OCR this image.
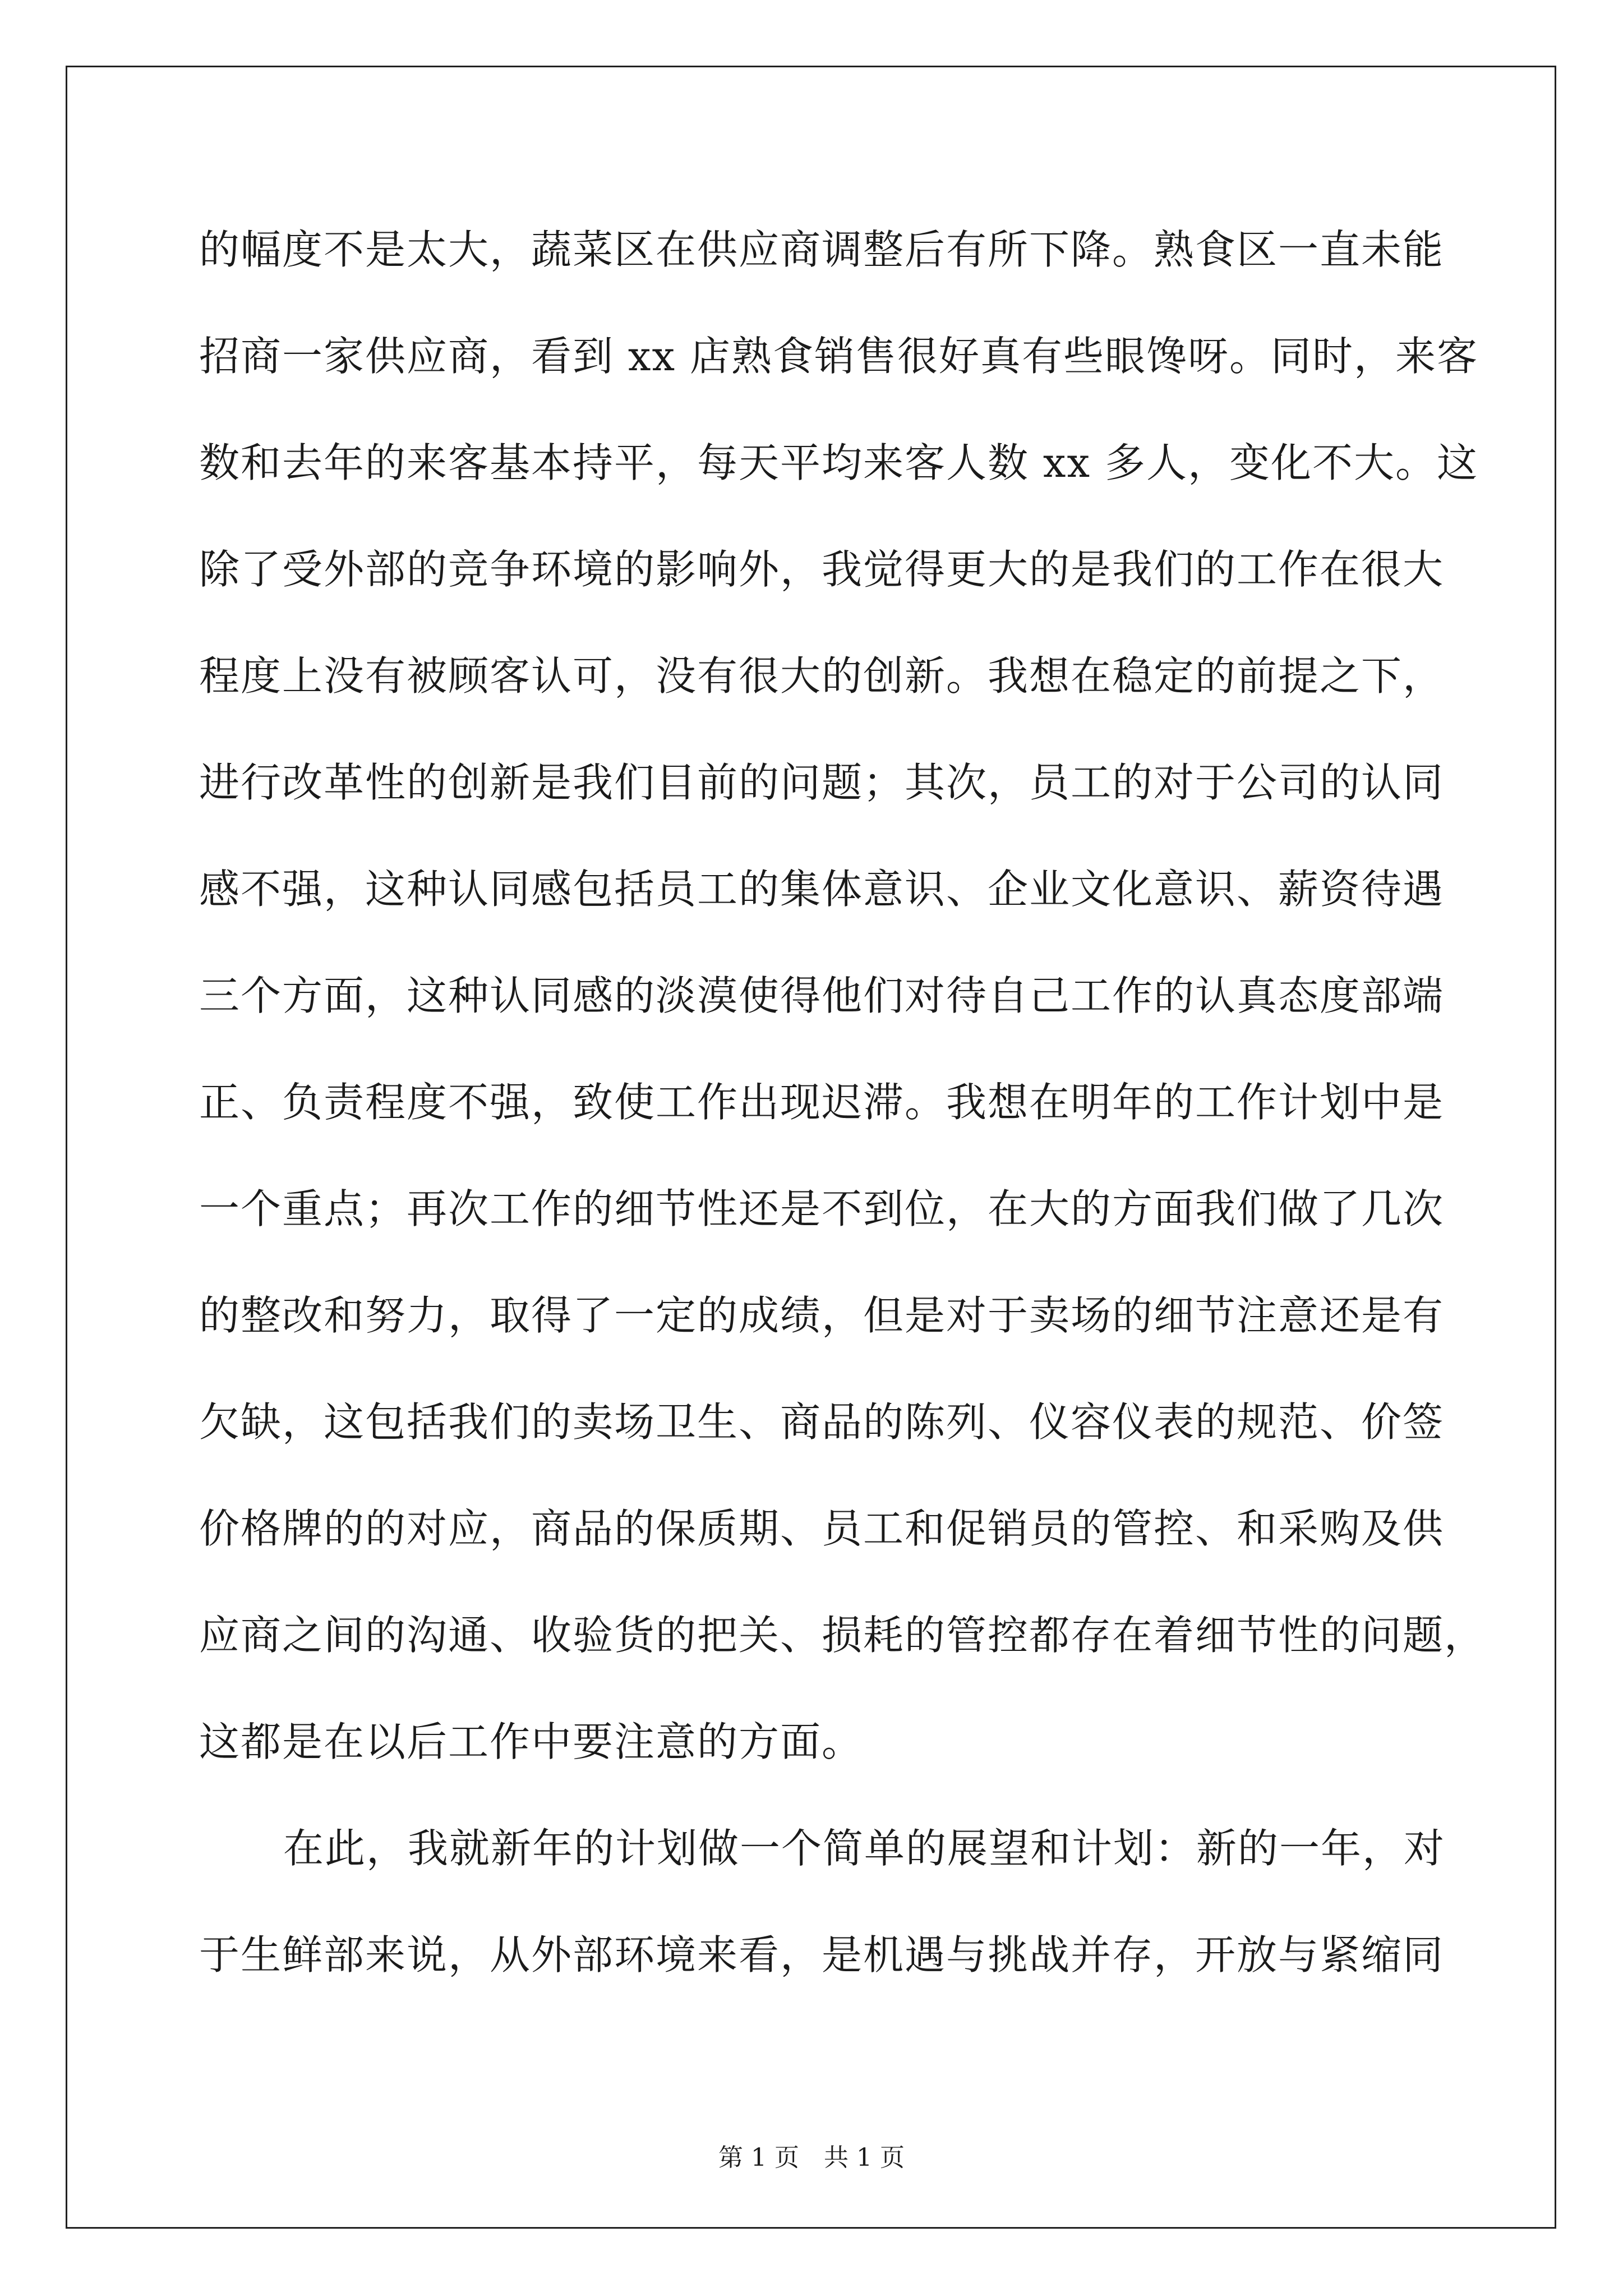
的幅度不是太大，蔬菜区在供应商调整后有所下降。熟食区一直未能
招商一家供应商，看到 xx 店熟食销售很好真有些眼馋呀。同时，来客
数和去年的来客基本持平，每天平均来客人数 xx 多人，变化不大。这
除了受外部的竞争环境的影响外，我觉得更大的是我们的工作在很大
程度上没有被顾客认可，没有很大的创新。我想在稳定的前提之下，
进行改革性的创新是我们目前的问题；其次，员工的对于公司的认同
感不强，这种认同感包括员工的集体意识、企业文化意识、薪资待遇
三个方面，这种认同感的淡漠使得他们对待自己工作的认真态度部端
正、负责程度不强，致使工作出现迟滞。我想在明年的工作计划中是
一个重点；再次工作的细节性还是不到位，在大的方面我们做了几次
的整改和努力，取得了一定的成绩，但是对于卖场的细节注意还是有
欠缺，这包括我们的卖场卫生、商品的陈列、仪容仪表的规范、价签
价格牌的的对应，商品的保质期、员工和促销员的管控、和采购及供
应商之间的沟通、收验货的把关、损耗的管控都存在着细节性的问题，
这都是在以后工作中要注意的方面。
在此，我就新年的计划做一个简单的展望和计划：新的一年，对
于生鲜部来说，从外部环境来看，是机遇与挑战并存，开放与紧缩同
第 1 页　共 1 页
